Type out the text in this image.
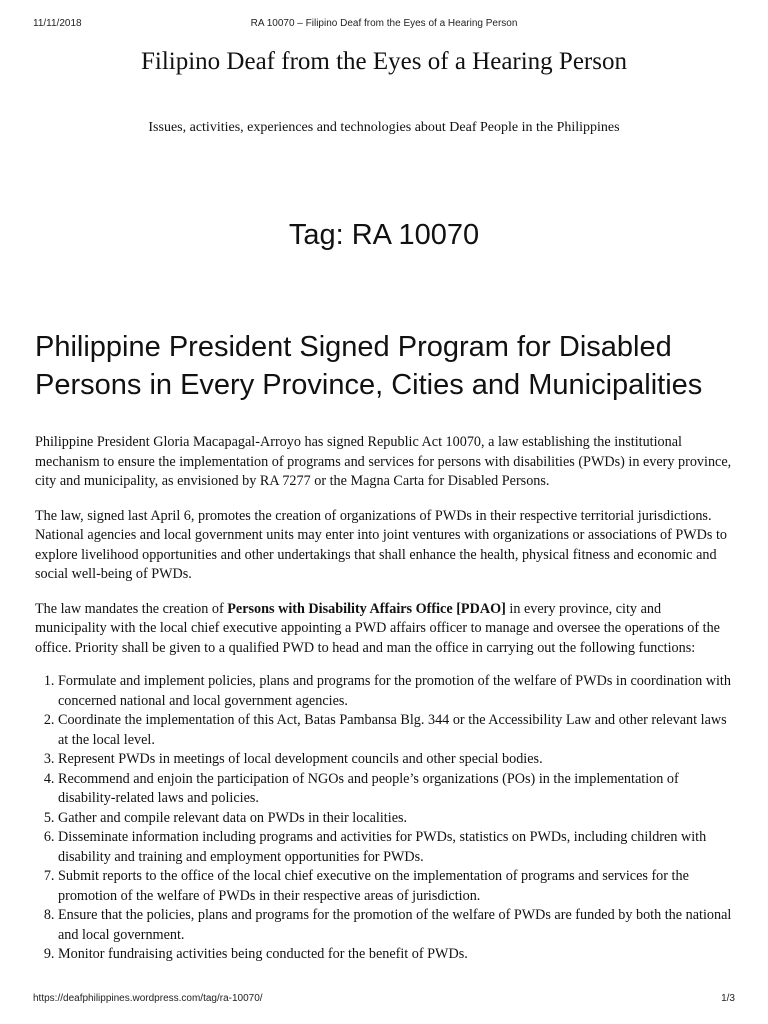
11/11/2018	RA 10070 – Filipino Deaf from the Eyes of a Hearing Person
Filipino Deaf from the Eyes of a Hearing Person
Issues, activities, experiences and technologies about Deaf People in the Philippines
Tag: RA 10070
Philippine President Signed Program for Disabled Persons in Every Province, Cities and Municipalities

Philippine President Gloria Macapagal-Arroyo has signed Republic Act 10070, a law establishing the institutional mechanism to ensure the implementation of programs and services for persons with disabilities (PWDs) in every province, city and municipality, as envisioned by RA 7277 or the Magna Carta for Disabled Persons.

The law, signed last April 6, promotes the creation of organizations of PWDs in their respective territorial jurisdictions. National agencies and local government units may enter into joint ventures with organizations or associations of PWDs to explore livelihood opportunities and other undertakings that shall enhance the health, physical fitness and economic and social well-being of PWDs.

The law mandates the creation of Persons with Disability Affairs Office [PDAO] in every province, city and municipality with the local chief executive appointing a PWD affairs officer to manage and oversee the operations of the office. Priority shall be given to a qualified PWD to head and man the office in carrying out the following functions:

1. Formulate and implement policies, plans and programs for the promotion of the welfare of PWDs in coordination with concerned national and local government agencies.
2. Coordinate the implementation of this Act, Batas Pambansa Blg. 344 or the Accessibility Law and other relevant laws at the local level.
3. Represent PWDs in meetings of local development councils and other special bodies.
4. Recommend and enjoin the participation of NGOs and people’s organizations (POs) in the implementation of disability-related laws and policies.
5. Gather and compile relevant data on PWDs in their localities.
6. Disseminate information including programs and activities for PWDs, statistics on PWDs, including children with disability and training and employment opportunities for PWDs.
7. Submit reports to the office of the local chief executive on the implementation of programs and services for the promotion of the welfare of PWDs in their respective areas of jurisdiction.
8. Ensure that the policies, plans and programs for the promotion of the welfare of PWDs are funded by both the national and local government.
9. Monitor fundraising activities being conducted for the benefit of PWDs.
https://deafphilippines.wordpress.com/tag/ra-10070/	1/3
